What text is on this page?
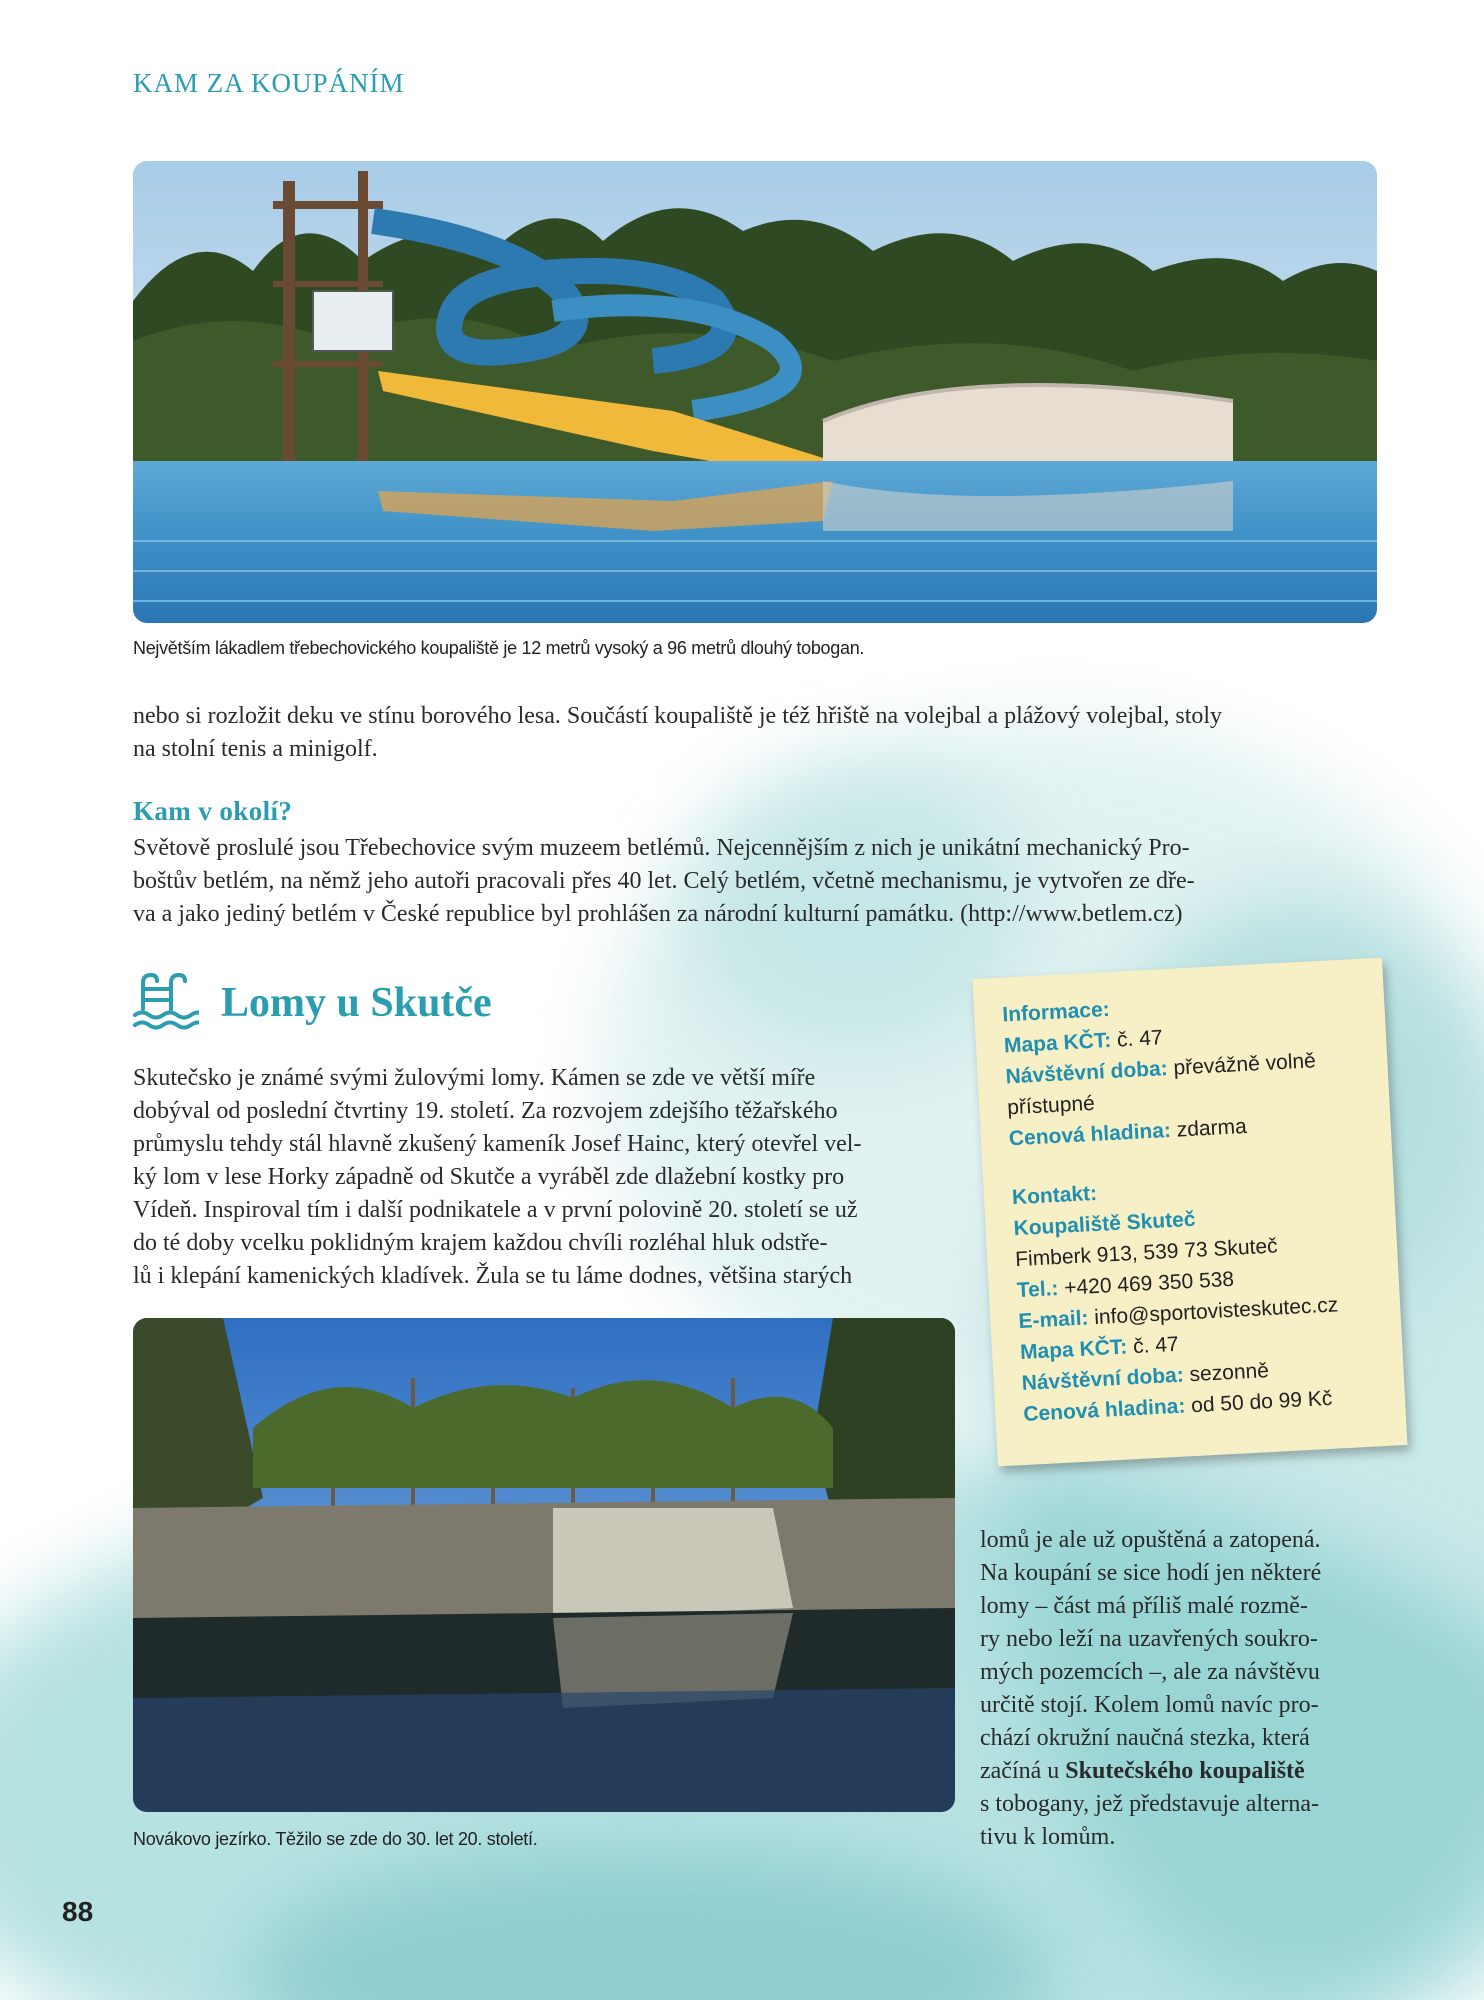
KAM ZA KOUPÁNÍM

Největším lákadlem třebechovického koupaliště je 12 metrů vysoký a 96 metrů dlouhý tobogan.

nebo si rozložit deku ve stínu borového lesa. Součástí koupaliště je též hřiště na volejbal a plážový volejbal, stoly
na stolní tenis a minigolf.

Kam v okolí?

Světově proslulé jsou Třebechovice svým muzeem betlémů. Nejcennějším z nich je unikátní mechanický Pro-
boštův betlém, na němž jeho autoři pracovali přes 40 let. Celý betlém, včetně mechanismu, je vytvořen ze dře-
va a jako jediný betlém v České republice byl prohlášen za národní kulturní památku. (http://www.betlem.cz)

Lomy u Skutče

Skutečsko je známé svými žulovými lomy. Kámen se zde ve větší míře
dobýval od poslední čtvrtiny 19. století. Za rozvojem zdejšího těžařského
průmyslu tehdy stál hlavně zkušený kameník Josef Hainc, který otevřel vel-
ký lom v lese Horky západně od Skutče a vyráběl zde dlažební kostky pro
Vídeň. Inspiroval tím i další podnikatele a v první polovině 20. století se už
do té doby vcelku poklidným krajem každou chvíli rozléhal hluk odstře-
lů i klepání kamenických kladívek. Žula se tu láme dodnes, většina starých

Informace:

Mapa KČT: č. 47

Návštěvní doba: převážně volně přístupné

Cenová hladina: zdarma

Kontakt:
Koupaliště Skuteč

Fimberk 913, 539 73 Skuteč

Tel.: +420 469 350 538

E-mail: info@sportovisteskutec.cz

Mapa KČT: č. 47

Návštěvní doba: sezonně

Cenová hladina: od 50 do 99 Kč

Novákovo jezírko. Těžilo se zde do 30. let 20. století.

lomů je ale už opuštěná a zatopená.
Na koupání se sice hodí jen některé
lomy – část má příliš malé rozmě-
ry nebo leží na uzavřených soukro-
mých pozemcích –, ale za návštěvu
určitě stojí. Kolem lomů navíc pro-
chází okružní naučná stezka, která
začíná u Skutečského koupaliště
s tobogany, jež představuje alterna-
tivu k lomům.

88
